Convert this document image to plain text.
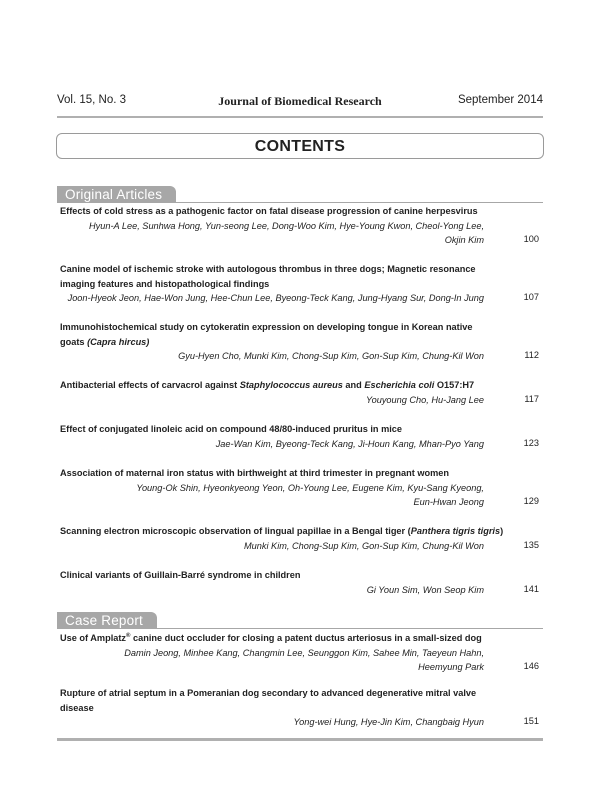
Vol. 15, No. 3	Journal of Biomedical Research	September 2014
CONTENTS
Original Articles
Effects of cold stress as a pathogenic factor on fatal disease progression of canine herpesvirus
Hyun-A Lee, Sunhwa Hong, Yun-seong Lee, Dong-Woo Kim, Hye-Young Kwon, Cheol-Yong Lee,
Okjin Kim	100
Canine model of ischemic stroke with autologous thrombus in three dogs; Magnetic resonance
imaging features and histopathological findings
Joon-Hyeok Jeon, Hae-Won Jung, Hee-Chun Lee, Byeong-Teck Kang, Jung-Hyang Sur, Dong-In Jung	107
Immunohistochemical study on cytokeratin expression on developing tongue in Korean native
goats (Capra hircus)
Gyu-Hyen Cho, Munki Kim, Chong-Sup Kim, Gon-Sup Kim, Chung-Kil Won	112
Antibacterial effects of carvacrol against Staphylococcus aureus and Escherichia coli O157:H7
Youyoung Cho, Hu-Jang Lee	117
Effect of conjugated linoleic acid on compound 48/80-induced pruritus in mice
Jae-Wan Kim, Byeong-Teck Kang, Ji-Houn Kang, Mhan-Pyo Yang	123
Association of maternal iron status with birthweight at third trimester in pregnant women
Young-Ok Shin, Hyeonkyeong Yeon, Oh-Young Lee, Eugene Kim, Kyu-Sang Kyeong,
Eun-Hwan Jeong	129
Scanning electron microscopic observation of lingual papillae in a Bengal tiger (Panthera tigris tigris)
Munki Kim, Chong-Sup Kim, Gon-Sup Kim, Chung-Kil Won	135
Clinical variants of Guillain-Barré syndrome in children
Gi Youn Sim, Won Seop Kim	141
Case Report
Use of Amplatz® canine duct occluder for closing a patent ductus arteriosus in a small-sized dog
Damin Jeong, Minhee Kang, Changmin Lee, Seunggon Kim, Sahee Min, Taeyeun Hahn,
Heemyung Park	146
Rupture of atrial septum in a Pomeranian dog secondary to advanced degenerative mitral valve
disease
Yong-wei Hung, Hye-Jin Kim, Changbaig Hyun	151
